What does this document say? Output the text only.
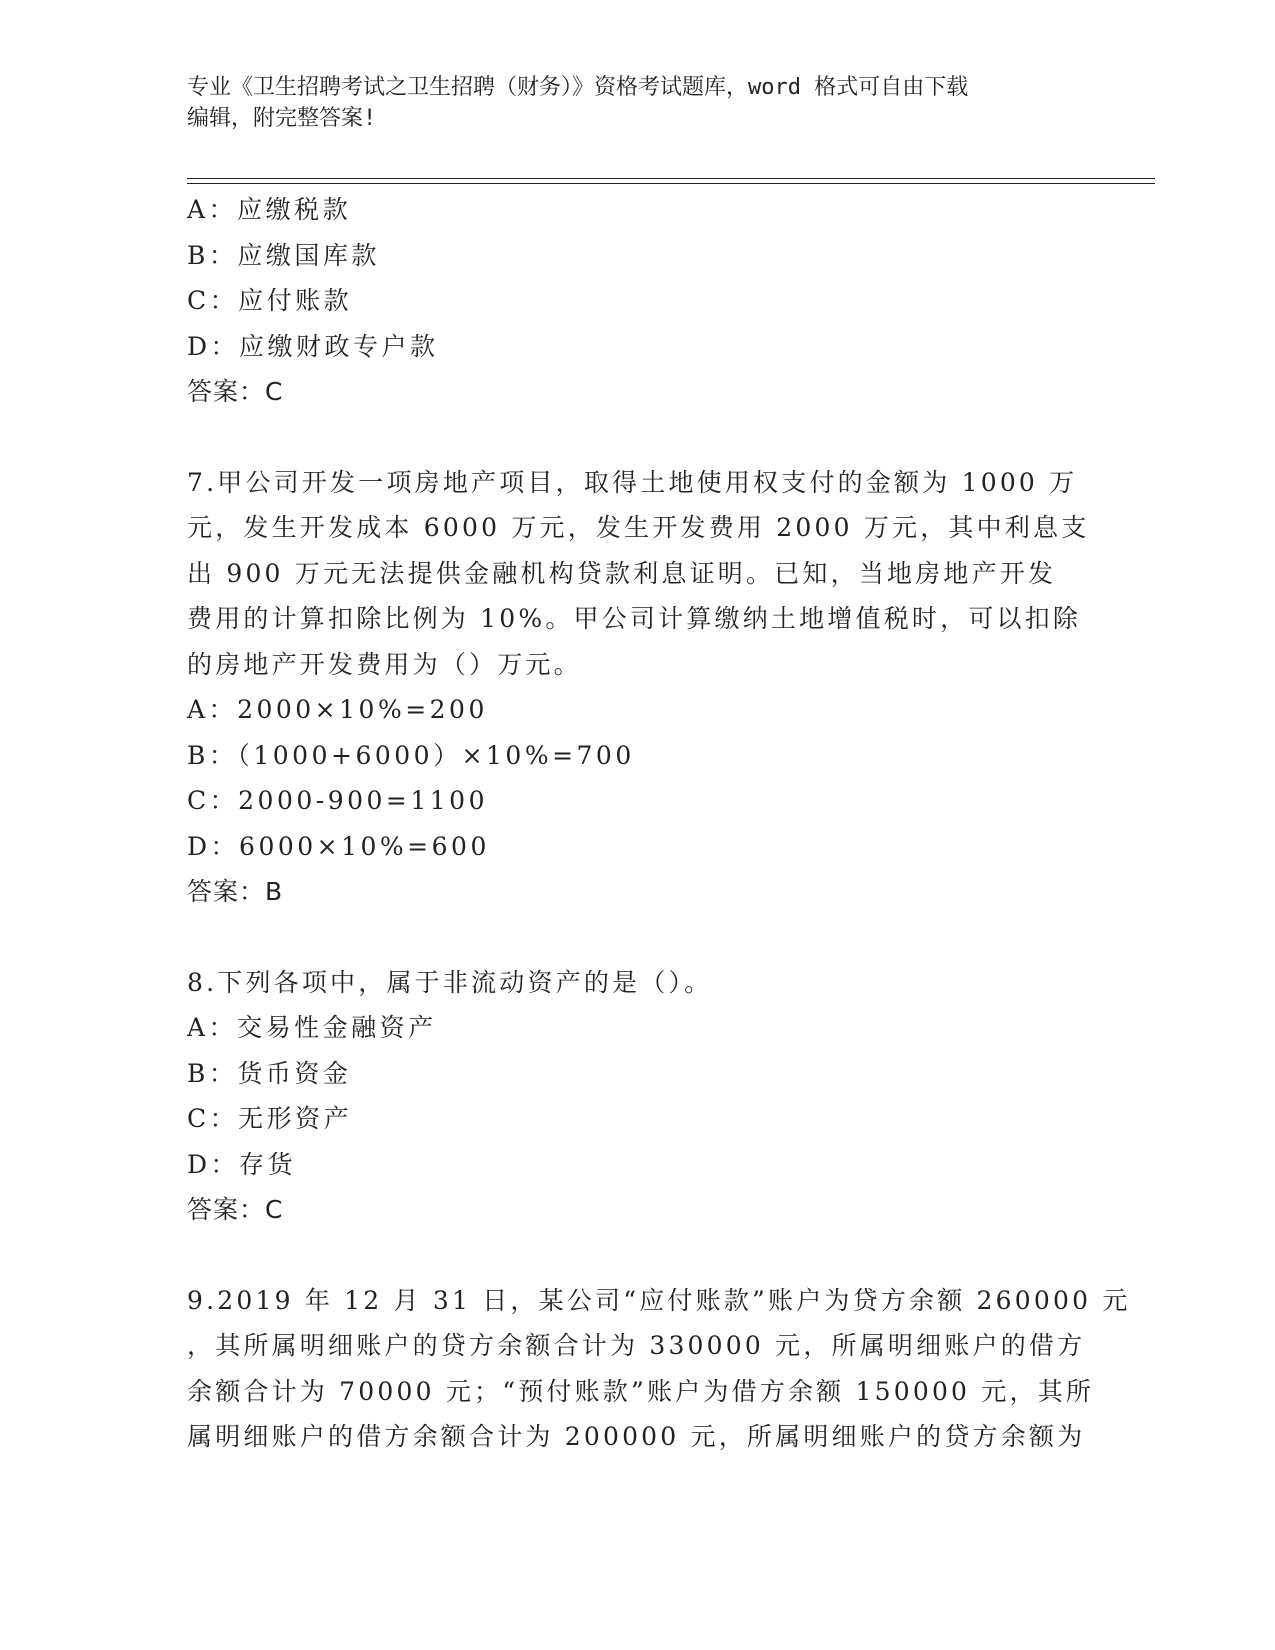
专业《卫生招聘考试之卫生招聘（财务）》资格考试题库，word 格式可自由下载
编辑，附完整答案!
A：应缴税款
B：应缴国库款
C：应付账款
D：应缴财政专户款
答案：C
7.甲公司开发一项房地产项目，取得土地使用权支付的金额为 1000 万
元，发生开发成本 6000 万元，发生开发费用 2000 万元，其中利息支
出 900 万元无法提供金融机构贷款利息证明。已知，当地房地产开发
费用的计算扣除比例为 10%。甲公司计算缴纳土地增值税时，可以扣除
的房地产开发费用为（）万元。
A：2000×10%=200
B：（1000+6000）×10%=700
C：2000-900=1100
D：6000×10%=600
答案：B
8.下列各项中，属于非流动资产的是（）。
A：交易性金融资产
B：货币资金
C：无形资产
D：存货
答案：C
9.2019 年 12 月 31 日，某公司“应付账款”账户为贷方余额 260000 元
，其所属明细账户的贷方余额合计为 330000 元，所属明细账户的借方
余额合计为 70000 元；“预付账款”账户为借方余额 150000 元，其所
属明细账户的借方余额合计为 200000 元，所属明细账户的贷方余额为
